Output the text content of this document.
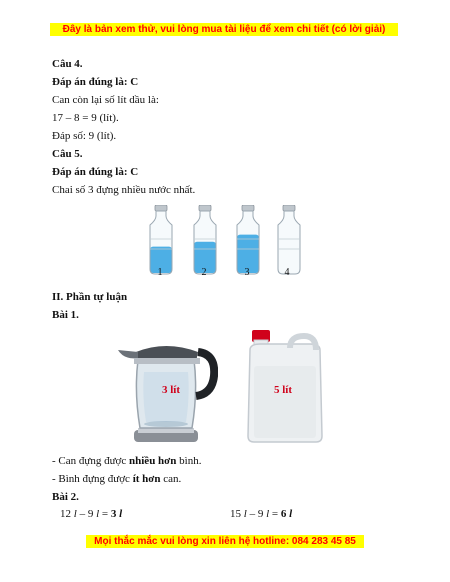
Đây là bản xem thử, vui lòng mua tài liệu để xem chi tiết (có lời giải)
Câu 4.
Đáp án đúng là: C
Can còn lại số lít dầu là:
17 – 8 = 9 (lít).
Đáp số: 9 (lít).
Câu 5.
Đáp án đúng là: C
Chai số 3 đựng nhiều nước nhất.
1	2	3	4
II. Phần tự luận
Bài 1.
3 lít	5 lít
- Can đựng được nhiều hơn bình.
- Bình đựng được ít hơn can.
Bài 2.
12 l – 9 l = 3 l	15 l – 9 l = 6 l
Mọi thắc mắc vui lòng xin liên hệ hotline: 084 283 45 85
